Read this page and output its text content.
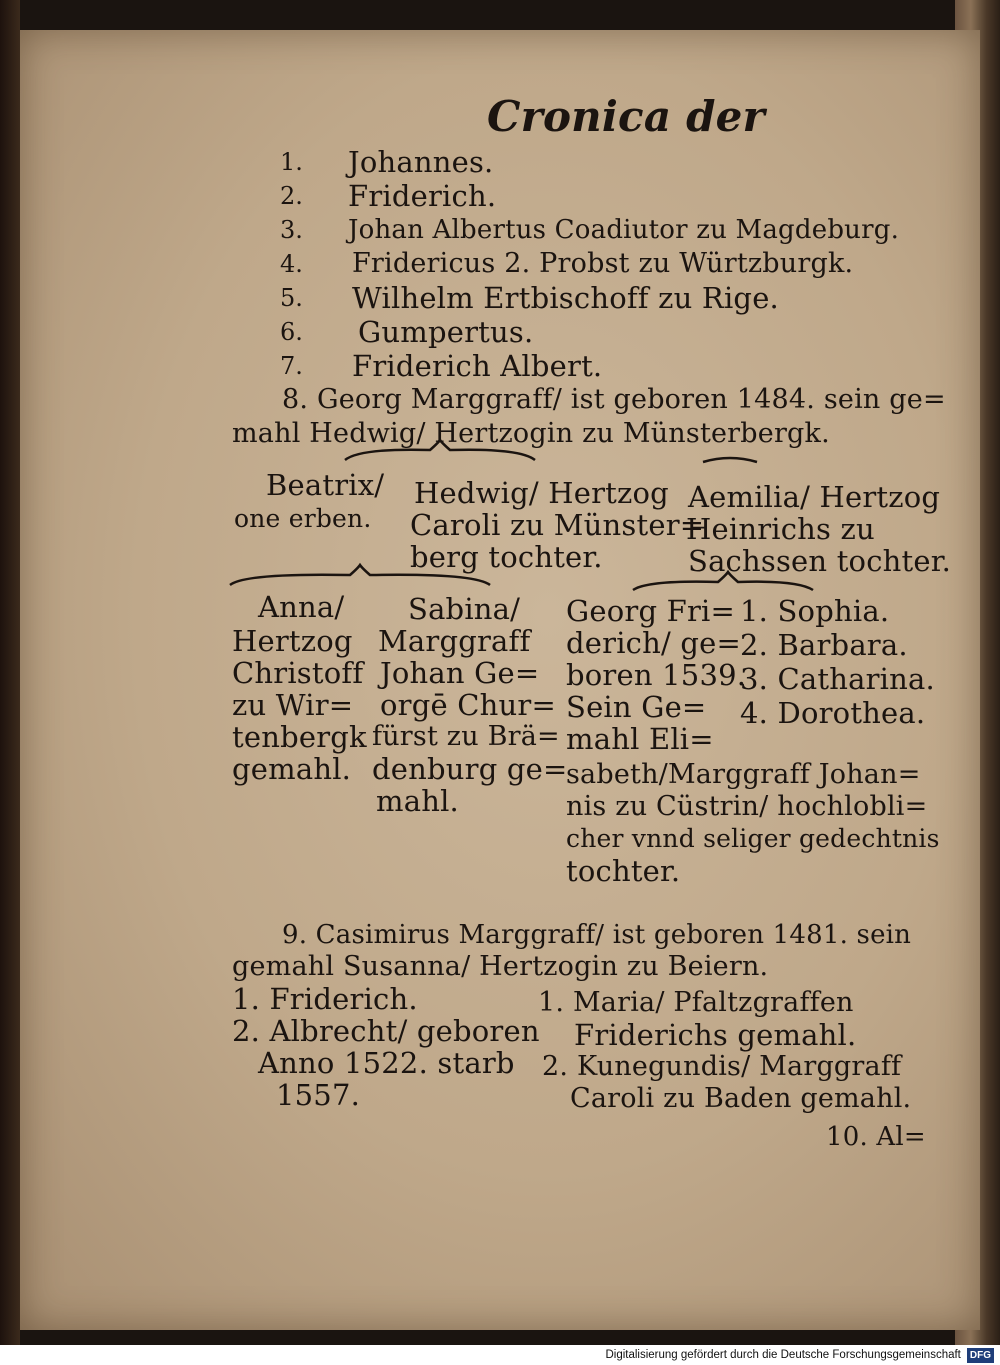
Cronica der
1. Johannes.
2. Friderich.
3. Johan Albertus Coadiutor zu Magdeburg.
4. Fridericus 2. Probst zu Würtzburgk.
5. Wilhelm Ertbischoff zu Rige.
6. Gumpertus.
7. Friderich Albert.
8. Georg Marggraff/ ist geboren 1484. sein ge=
mahl Hedwig/ Hertzogin zu Münsterbergk.
Beatrix/
one erben.
Hedwig/ Hertzog
Caroli zu Münster=
berg tochter.
Aemilia/ Hertzog
Heinrichs zu
Sachssen tochter.
Anna/
Hertzog
Christoff
zu Wir=
tenbergk
gemahl.
Sabina/
Marggraff
Johan Ge=
orgē Chur=
fürst zu Brä=
denburg ge=
mahl.
Georg Fri=
derich/ ge=
boren 1539.
Sein Ge=
mahl Eli=
1. Sophia.
2. Barbara.
3. Catharina.
4. Dorothea.
sabeth/Marggraff Johan=
nis zu Cüstrin/ hochlobli=
cher vnnd seliger gedechtnis
tochter.
9. Casimirus Marggraff/ ist geboren 1481. sein
gemahl Susanna/ Hertzogin zu Beiern.
1. Friderich.
2. Albrecht/ geboren
Anno 1522. starb
1557.
1. Maria/ Pfaltzgraffen
Friderichs gemahl.
2. Kunegundis/ Marggraff
Caroli zu Baden gemahl.
10. Al=
Digitalisierung gefördert durch die Deutsche Forschungsgemeinschaft DFG
